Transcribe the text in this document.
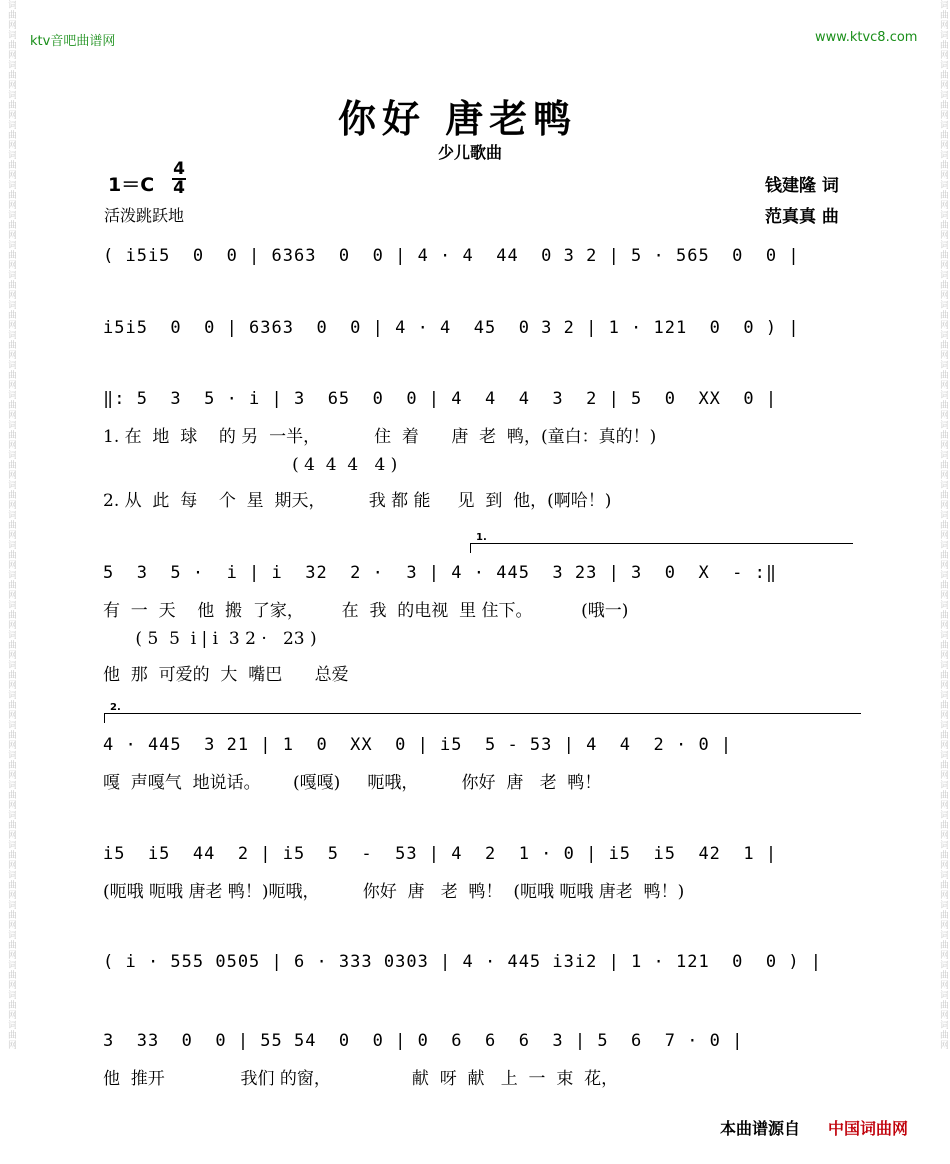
词曲网词曲网词曲网词曲网词曲网词曲网词曲网词曲网词曲网词曲网词曲网词曲网词曲网词曲网词曲网词曲网词曲网词曲网词曲网词曲网词曲网词曲网词曲网词曲网词曲网词曲网词曲网词曲网词曲网词曲网词曲网词曲网词曲网词曲网词曲网
词曲网词曲网词曲网词曲网词曲网词曲网词曲网词曲网词曲网词曲网词曲网词曲网词曲网词曲网词曲网词曲网词曲网词曲网词曲网词曲网词曲网词曲网词曲网词曲网词曲网词曲网词曲网词曲网词曲网词曲网词曲网词曲网词曲网词曲网词曲网
ktv音吧曲谱网	www.ktvc8.com
你好 唐老鸭
少儿歌曲
1＝C
4
4
活泼跳跃地
钱建隆 词
范真真 曲
( i5i5  0  0 | 6363  0  0 | 4 · 4  44  0 3 2 | 5 · 565  0  0 |
i5i5  0  0 | 6363  0  0 | 4 · 4  45  0 3 2 | 1 · 121  0  0 ) |
‖: 5  3  5 · i | 3  65  0  0 | 4  4  4  3  2 | 5  0  XX  0 |
1. 在  地  球    的 另  一半，          住  着      唐  老  鸭，(童白：真的！)
( 4  4  4   4 )
2. 从  此  每    个  星  期天，        我 都 能     见  到  他，(啊哈！)
1.
5  3  5 ·  i | i  32  2 ·  3 | 4 · 445  3 23 | 3  0  X  - :‖
有  一  天    他  搬  了家，       在  我  的电视  里 住下。         (哦一)
( 5  5  i | i  3 2 ·   23 )
他  那  可爱的  大  嘴巴      总爱
2.
4 · 445  3 21 | 1  0  XX  0 | i5  5 - 53 | 4  4  2 · 0 |
嘎  声嘎气  地说话。      (嘎嘎)     呃哦，        你好  唐   老  鸭！
i5  i5  44  2 | i5  5  -  53 | 4  2  1 · 0 | i5  i5  42  1 |
(呃哦 呃哦 唐老 鸭！)呃哦，        你好  唐   老  鸭！  (呃哦 呃哦 唐老  鸭！)
( i · 555 0505 | 6 · 333 0303 | 4 · 445 i3i2 | 1 · 121  0  0 ) |
3  33  0  0 | 55 54  0  0 | 0  6  6  6  3 | 5  6  7 · 0 |
他  推开              我们 的窗，               献  呀  献   上  一  束  花，
本曲谱源自 中国词曲网
